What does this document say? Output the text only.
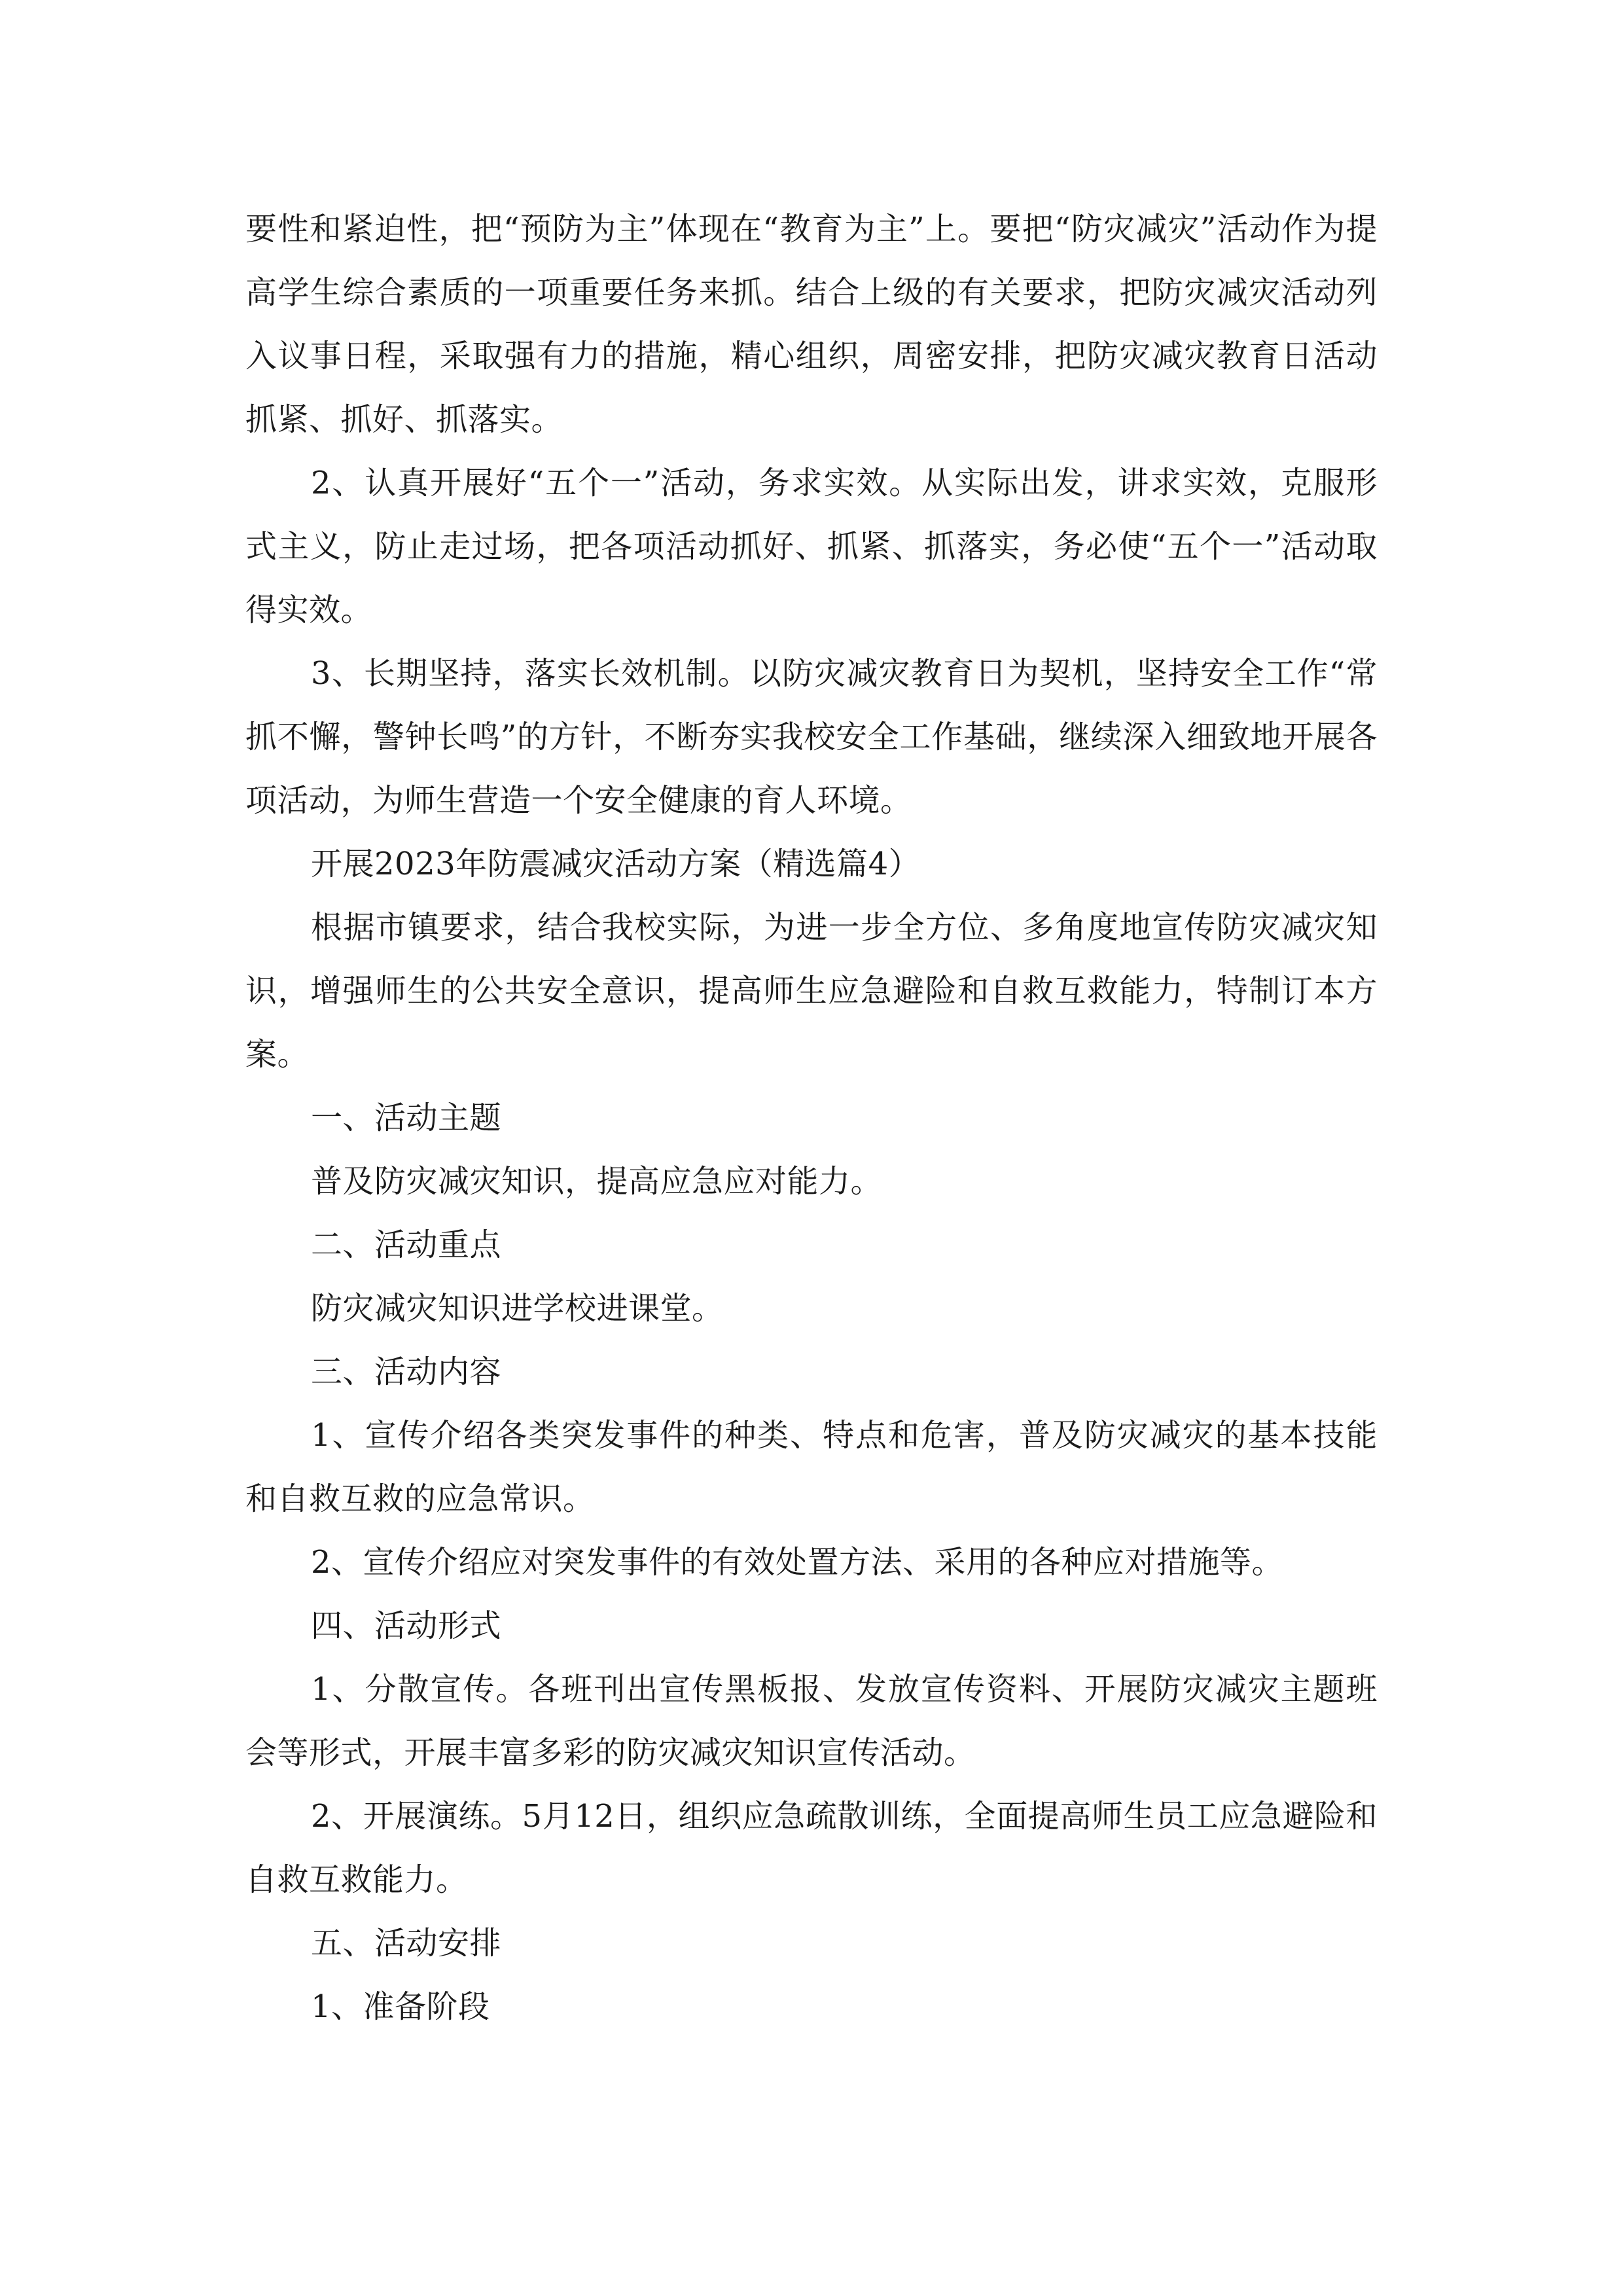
要性和紧迫性，把“预防为主”体现在“教育为主”上。要把“防灾减灾”活动作为提高学生综合素质的一项重要任务来抓。结合上级的有关要求，把防灾减灾活动列入议事日程，采取强有力的措施，精心组织，周密安排，把防灾减灾教育日活动抓紧、抓好、抓落实。

2、认真开展好“五个一”活动，务求实效。从实际出发，讲求实效，克服形式主义，防止走过场，把各项活动抓好、抓紧、抓落实，务必使“五个一”活动取得实效。

3、长期坚持，落实长效机制。以防灾减灾教育日为契机，坚持安全工作“常抓不懈，警钟长鸣”的方针，不断夯实我校安全工作基础，继续深入细致地开展各项活动，为师生营造一个安全健康的育人环境。

开展2023年防震减灾活动方案（精选篇4）

根据市镇要求，结合我校实际，为进一步全方位、多角度地宣传防灾减灾知识，增强师生的公共安全意识，提高师生应急避险和自救互救能力，特制订本方案。

一、活动主题

普及防灾减灾知识，提高应急应对能力。

二、活动重点

防灾减灾知识进学校进课堂。

三、活动内容

1、宣传介绍各类突发事件的种类、特点和危害，普及防灾减灾的基本技能和自救互救的应急常识。

2、宣传介绍应对突发事件的有效处置方法、采用的各种应对措施等。

四、活动形式

1、分散宣传。各班刊出宣传黑板报、发放宣传资料、开展防灾减灾主题班会等形式，开展丰富多彩的防灾减灾知识宣传活动。

2、开展演练。5月12日，组织应急疏散训练，全面提高师生员工应急避险和自救互救能力。

五、活动安排

1、准备阶段
